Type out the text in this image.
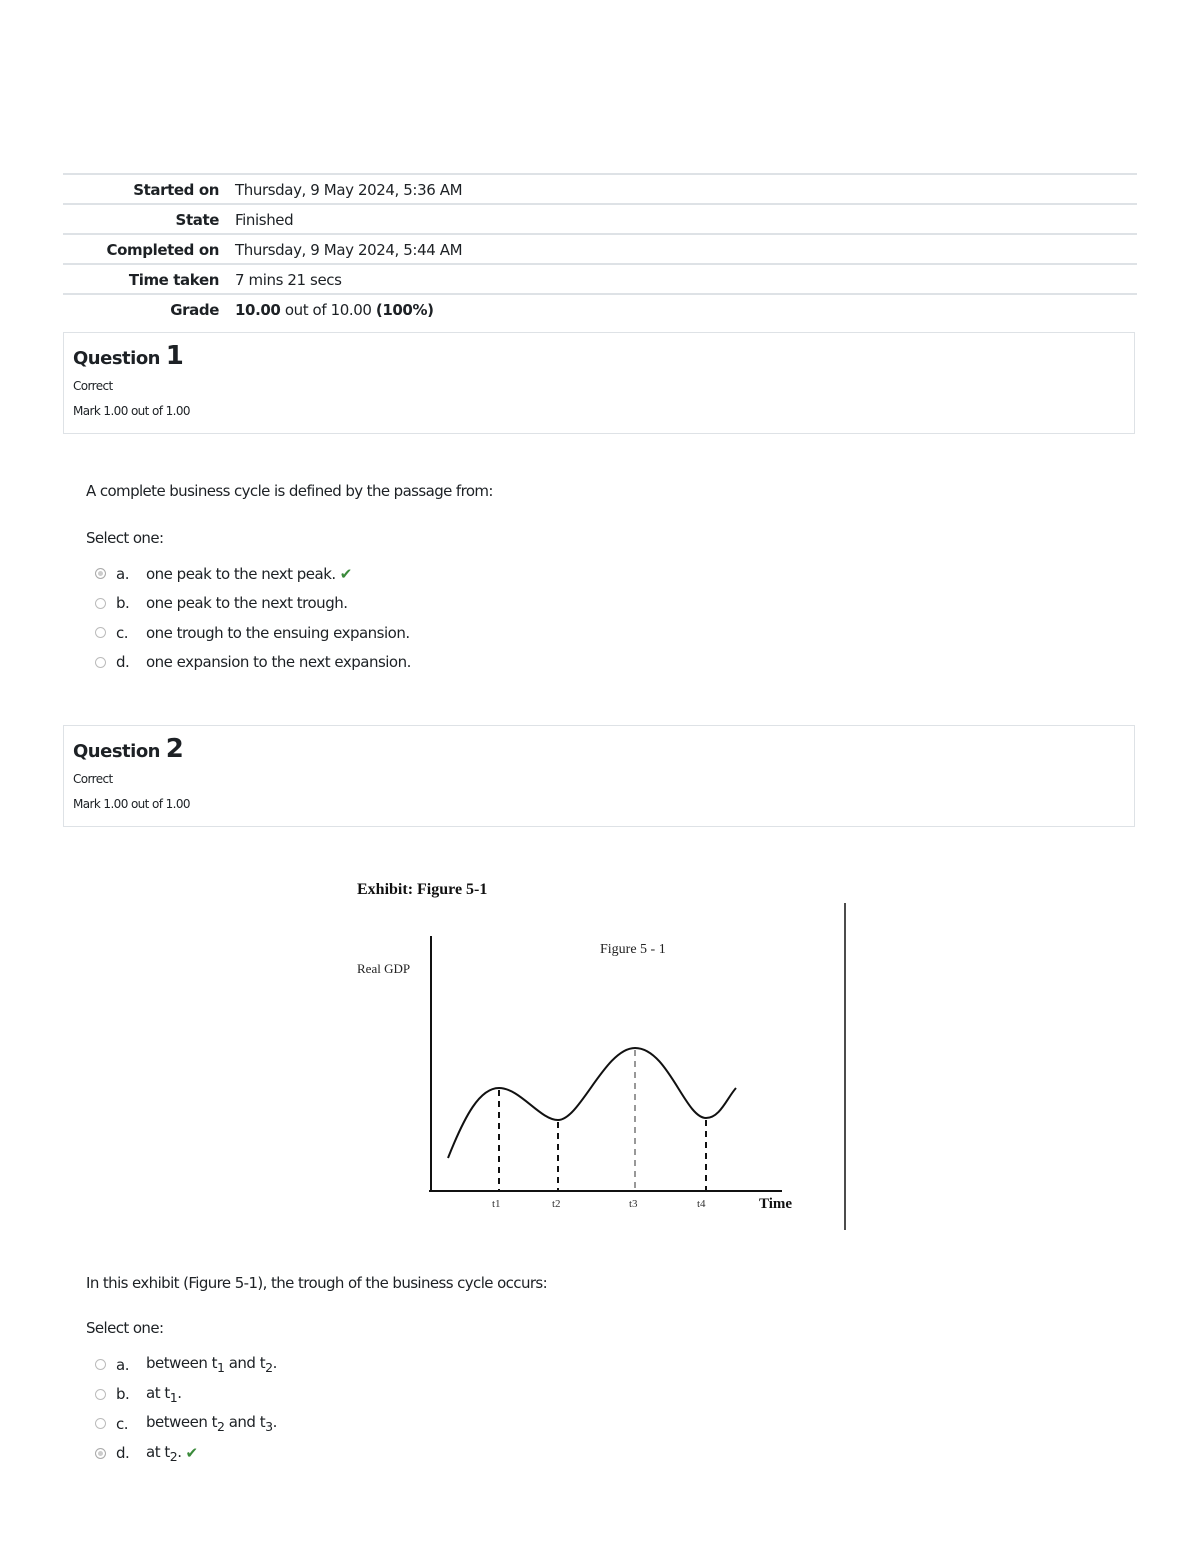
Started on	Thursday, 9 May 2024, 5:36 AM
State	Finished
Completed on	Thursday, 9 May 2024, 5:44 AM
Time taken	7 mins 21 secs
Grade	10.00 out of 10.00 (100%)
Question 1
Correct
Mark 1.00 out of 1.00
A complete business cycle is defined by the passage from:
Select one:
a.	one peak to the next peak. ✔
b.	one peak to the next trough.
c.	one trough to the ensuing expansion.
d.	one expansion to the next expansion.
Question 2
Correct
Mark 1.00 out of 1.00
Exhibit: Figure 5-1
Figure 5 - 1
Real GDP
Time
t1	t2	t3	t4
In this exhibit (Figure 5-1), the trough of the business cycle occurs:
Select one:
a.	between $t_1$ and $t_2$.
b.	at $t_1$.
c.	between $t_2$ and $t_3$.
d.	at $t_2$. ✔
